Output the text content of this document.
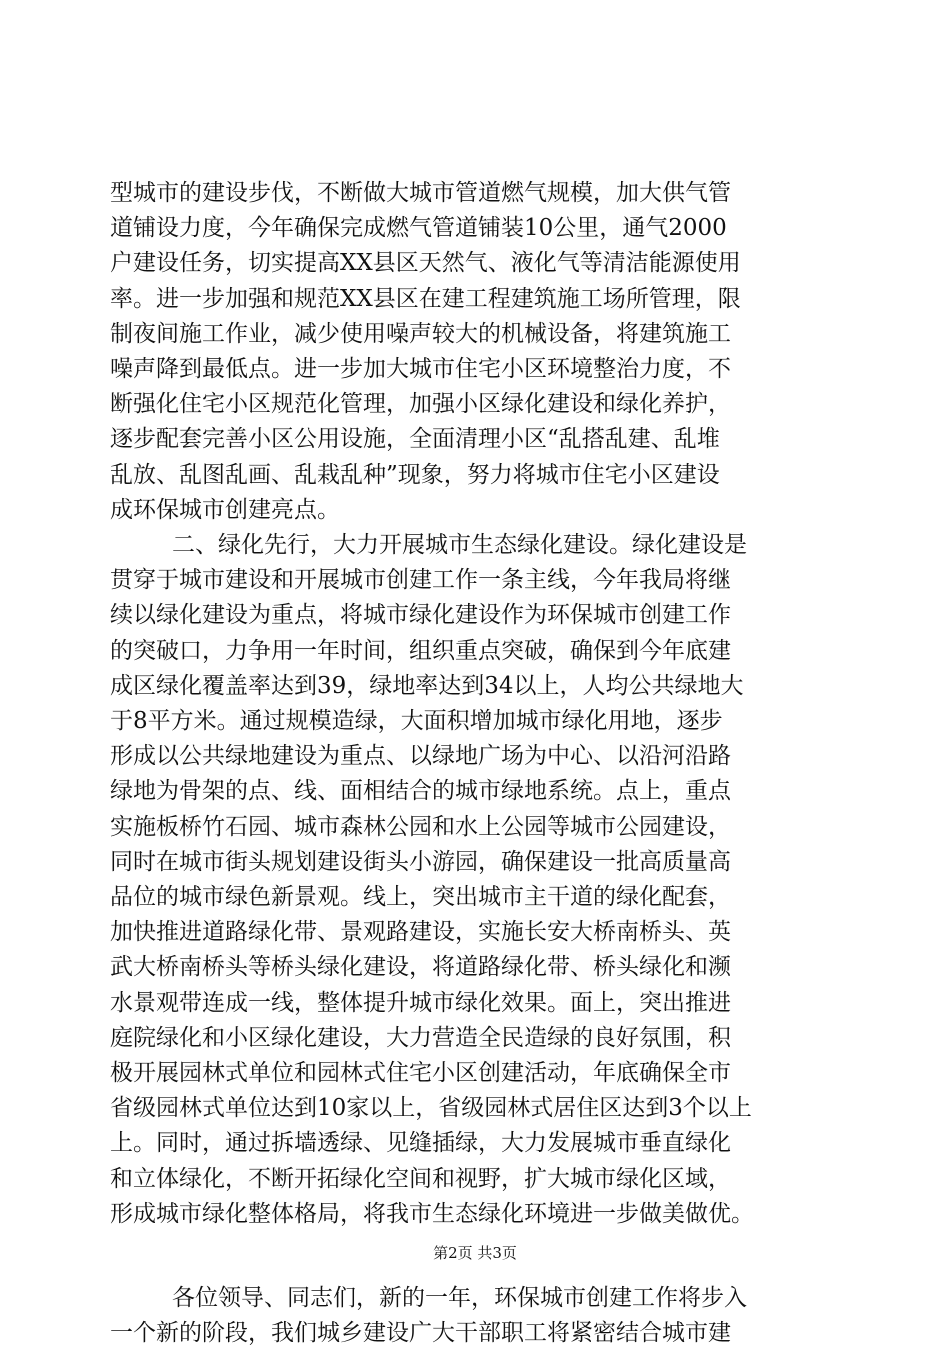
第2页 共3页
型城市的建设步伐，不断做大城市管道燃气规模，加大供气管
道铺设力度，今年确保完成燃气管道铺装10公里，通气2000
户建设任务，切实提高XX县区天然气、液化气等清洁能源使用
率。进一步加强和规范XX县区在建工程建筑施工场所管理，限
制夜间施工作业，减少使用噪声较大的机械设备，将建筑施工
噪声降到最低点。进一步加大城市住宅小区环境整治力度，不
断强化住宅小区规范化管理，加强小区绿化建设和绿化养护，
逐步配套完善小区公用设施，全面清理小区“乱搭乱建、乱堆
乱放、乱图乱画、乱栽乱种”现象，努力将城市住宅小区建设
成环保城市创建亮点。
二、绿化先行，大力开展城市生态绿化建设。绿化建设是
贯穿于城市建设和开展城市创建工作一条主线，今年我局将继
续以绿化建设为重点，将城市绿化建设作为环保城市创建工作
的突破口，力争用一年时间，组织重点突破，确保到今年底建
成区绿化覆盖率达到39，绿地率达到34以上，人均公共绿地大
于8平方米。通过规模造绿，大面积增加城市绿化用地，逐步
形成以公共绿地建设为重点、以绿地广场为中心、以沿河沿路
绿地为骨架的点、线、面相结合的城市绿地系统。点上，重点
实施板桥竹石园、城市森林公园和水上公园等城市公园建设，
同时在城市街头规划建设街头小游园，确保建设一批高质量高
品位的城市绿色新景观。线上，突出城市主干道的绿化配套，
加快推进道路绿化带、景观路建设，实施长安大桥南桥头、英
武大桥南桥头等桥头绿化建设，将道路绿化带、桥头绿化和濒
水景观带连成一线，整体提升城市绿化效果。面上，突出推进
庭院绿化和小区绿化建设，大力营造全民造绿的良好氛围，积
极开展园林式单位和园林式住宅小区创建活动，年底确保全市
省级园林式单位达到10家以上，省级园林式居住区达到3个以上
上。同时，通过拆墙透绿、见缝插绿，大力发展城市垂直绿化
和立体绿化，不断开拓绿化空间和视野，扩大城市绿化区域，
形成城市绿化整体格局，将我市生态绿化环境进一步做美做优。
各位领导、同志们，新的一年，环保城市创建工作将步入
一个新的阶段，我们城乡建设广大干部职工将紧密结合城市建
